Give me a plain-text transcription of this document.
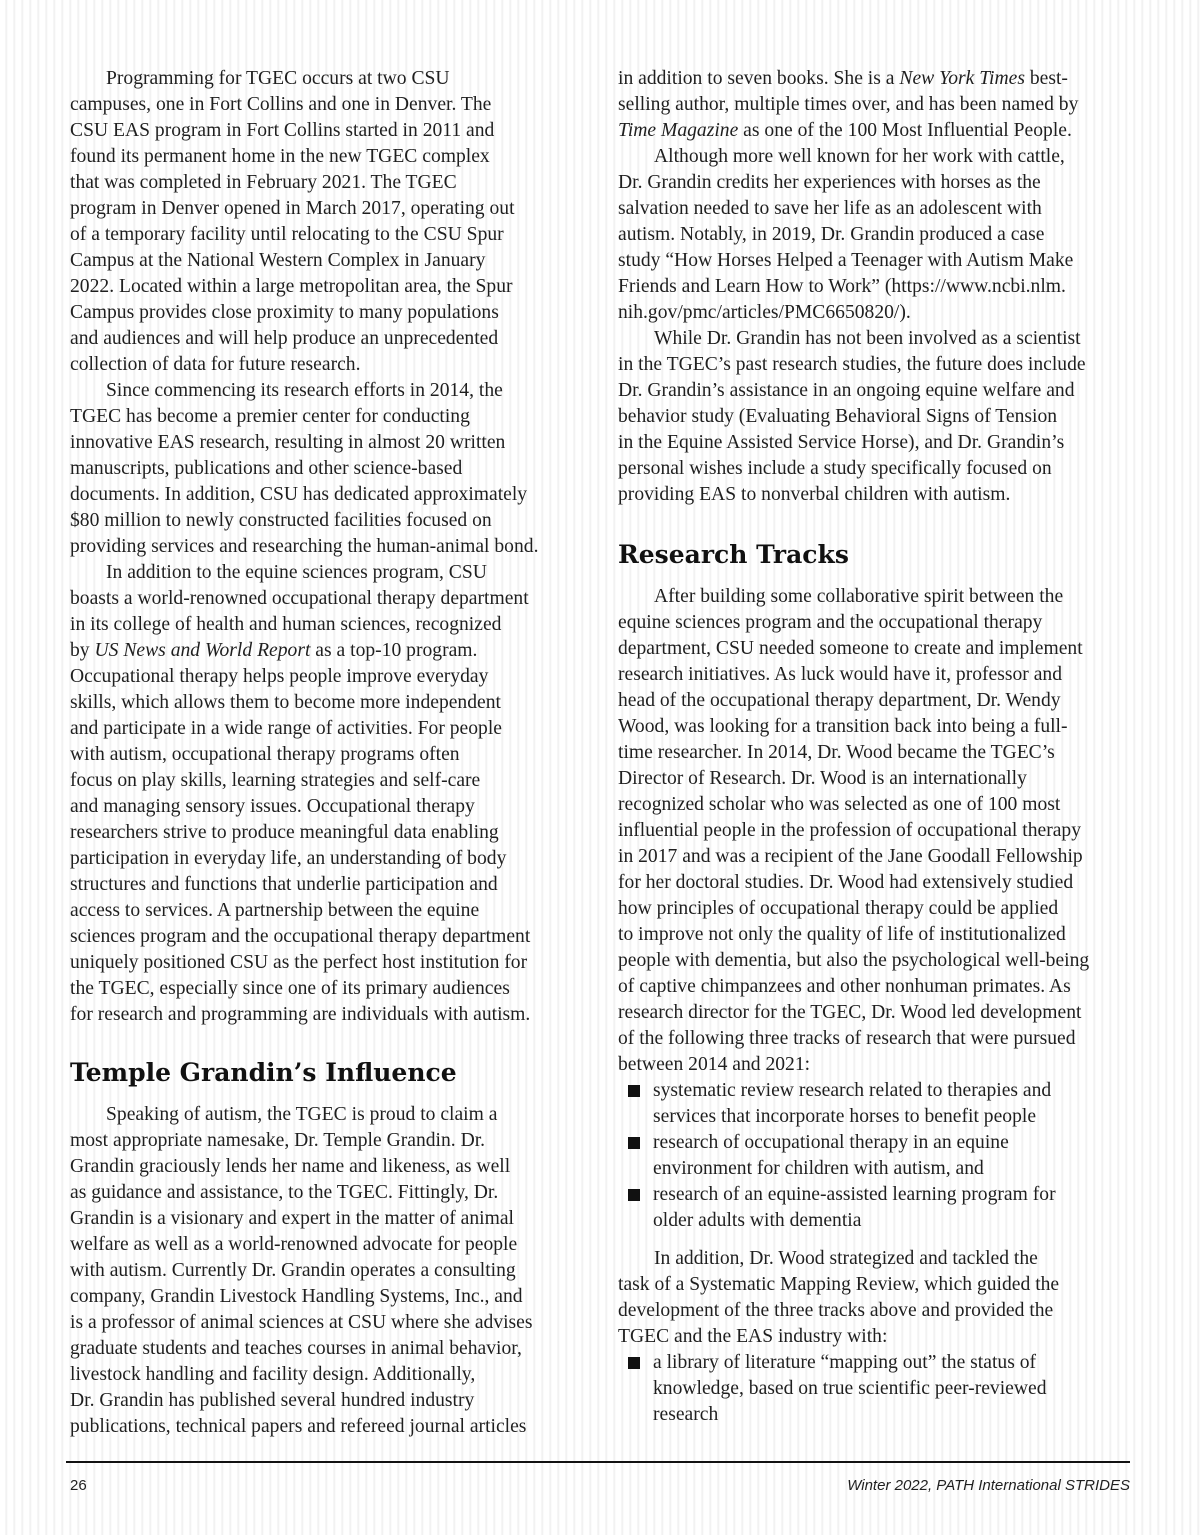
Programming for TGEC occurs at two CSU
campuses, one in Fort Collins and one in Denver. The
CSU EAS program in Fort Collins started in 2011 and
found its permanent home in the new TGEC complex
that was completed in February 2021. The TGEC
program in Denver opened in March 2017, operating out
of a temporary facility until relocating to the CSU Spur
Campus at the National Western Complex in January
2022. Located within a large metropolitan area, the Spur
Campus provides close proximity to many populations
and audiences and will help produce an unprecedented
collection of data for future research.

Since commencing its research efforts in 2014, the
TGEC has become a premier center for conducting
innovative EAS research, resulting in almost 20 written
manuscripts, publications and other science-based
documents. In addition, CSU has dedicated approximately
$80 million to newly constructed facilities focused on
providing services and researching the human-animal bond.

In addition to the equine sciences program, CSU
boasts a world-renowned occupational therapy department
in its college of health and human sciences, recognized
by US News and World Report as a top-10 program.
Occupational therapy helps people improve everyday
skills, which allows them to become more independent
and participate in a wide range of activities. For people
with autism, occupational therapy programs often
focus on play skills, learning strategies and self-care
and managing sensory issues. Occupational therapy
researchers strive to produce meaningful data enabling
participation in everyday life, an understanding of body
structures and functions that underlie participation and
access to services. A partnership between the equine
sciences program and the occupational therapy department
uniquely positioned CSU as the perfect host institution for
the TGEC, especially since one of its primary audiences
for research and programming are individuals with autism.

Temple Grandin’s Influence

Speaking of autism, the TGEC is proud to claim a
most appropriate namesake, Dr. Temple Grandin. Dr.
Grandin graciously lends her name and likeness, as well
as guidance and assistance, to the TGEC. Fittingly, Dr.
Grandin is a visionary and expert in the matter of animal
welfare as well as a world-renowned advocate for people
with autism. Currently Dr. Grandin operates a consulting
company, Grandin Livestock Handling Systems, Inc., and
is a professor of animal sciences at CSU where she advises
graduate students and teaches courses in animal behavior,
livestock handling and facility design. Additionally,
Dr. Grandin has published several hundred industry
publications, technical papers and refereed journal articles

in addition to seven books. She is a New York Times best-
selling author, multiple times over, and has been named by
Time Magazine as one of the 100 Most Influential People.

Although more well known for her work with cattle,
Dr. Grandin credits her experiences with horses as the
salvation needed to save her life as an adolescent with
autism. Notably, in 2019, Dr. Grandin produced a case
study “How Horses Helped a Teenager with Autism Make
Friends and Learn How to Work” (https://www.ncbi.nlm.
nih.gov/pmc/articles/PMC6650820/).

While Dr. Grandin has not been involved as a scientist
in the TGEC’s past research studies, the future does include
Dr. Grandin’s assistance in an ongoing equine welfare and
behavior study (Evaluating Behavioral Signs of Tension
in the Equine Assisted Service Horse), and Dr. Grandin’s
personal wishes include a study specifically focused on
providing EAS to nonverbal children with autism.

Research Tracks

After building some collaborative spirit between the
equine sciences program and the occupational therapy
department, CSU needed someone to create and implement
research initiatives. As luck would have it, professor and
head of the occupational therapy department, Dr. Wendy
Wood, was looking for a transition back into being a full-
time researcher. In 2014, Dr. Wood became the TGEC’s
Director of Research. Dr. Wood is an internationally
recognized scholar who was selected as one of 100 most
influential people in the profession of occupational therapy
in 2017 and was a recipient of the Jane Goodall Fellowship
for her doctoral studies. Dr. Wood had extensively studied
how principles of occupational therapy could be applied
to improve not only the quality of life of institutionalized
people with dementia, but also the psychological well-being
of captive chimpanzees and other nonhuman primates. As
research director for the TGEC, Dr. Wood led development
of the following three tracks of research that were pursued
between 2014 and 2021:

systematic review research related to therapies and
services that incorporate horses to benefit people
research of occupational therapy in an equine
environment for children with autism, and
research of an equine-assisted learning program for
older adults with dementia

In addition, Dr. Wood strategized and tackled the
task of a Systematic Mapping Review, which guided the
development of the three tracks above and provided the
TGEC and the EAS industry with:

a library of literature “mapping out” the status of
knowledge, based on true scientific peer-reviewed
research
26	Winter 2022, PATH International STRIDES
